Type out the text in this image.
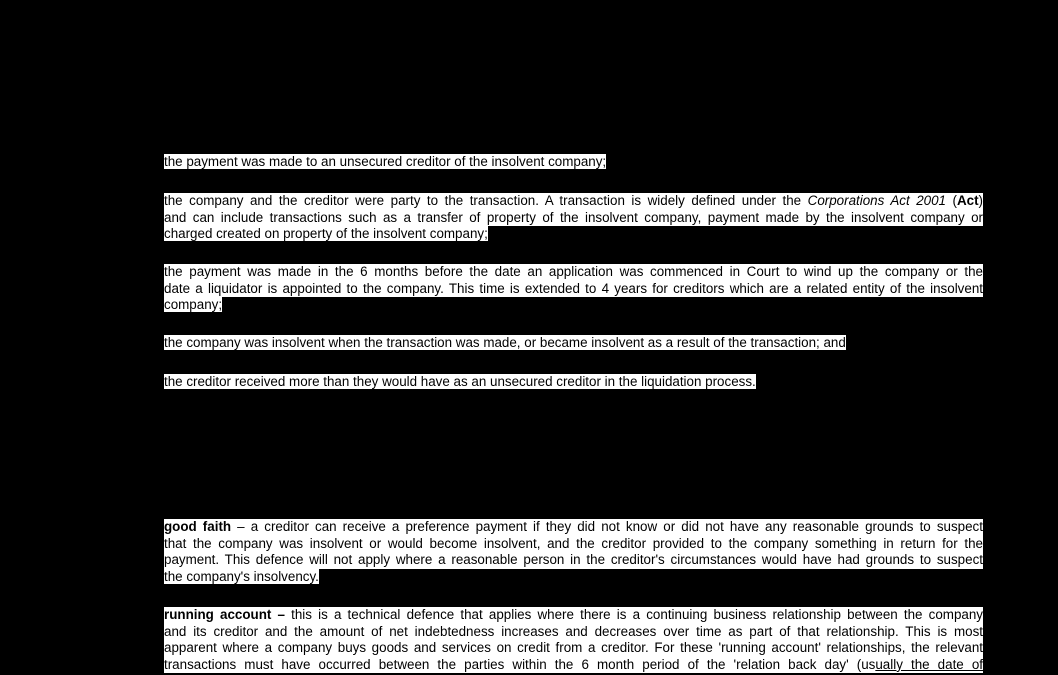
the payment was made to an unsecured creditor of the insolvent company;
the company and the creditor were party to the transaction. A transaction is widely defined under the Corporations Act 2001 (Act)
and can include transactions such as a transfer of property of the insolvent company, payment made by the insolvent company or
charged created on property of the insolvent company;
the payment was made in the 6 months before the date an application was commenced in Court to wind up the company or the
date a liquidator is appointed to the company. This time is extended to 4 years for creditors which are a related entity of the insolvent
company;
the company was insolvent when the transaction was made, or became insolvent as a result of the transaction; and
the creditor received more than they would have as an unsecured creditor in the liquidation process.
good faith – a creditor can receive a preference payment if they did not know or did not have any reasonable grounds to suspect
that the company was insolvent or would become insolvent, and the creditor provided to the company something in return for the
payment. This defence will not apply where a reasonable person in the creditor's circumstances would have had grounds to suspect
the company's insolvency.
running account – this is a technical defence that applies where there is a continuing business relationship between the company
and its creditor and the amount of net indebtedness increases and decreases over time as part of that relationship. This is most
apparent where a company buys goods and services on credit from a creditor. For these 'running account' relationships, the relevant
transactions must have occurred between the parties within the 6 month period of the 'relation back day' (usually the date of
